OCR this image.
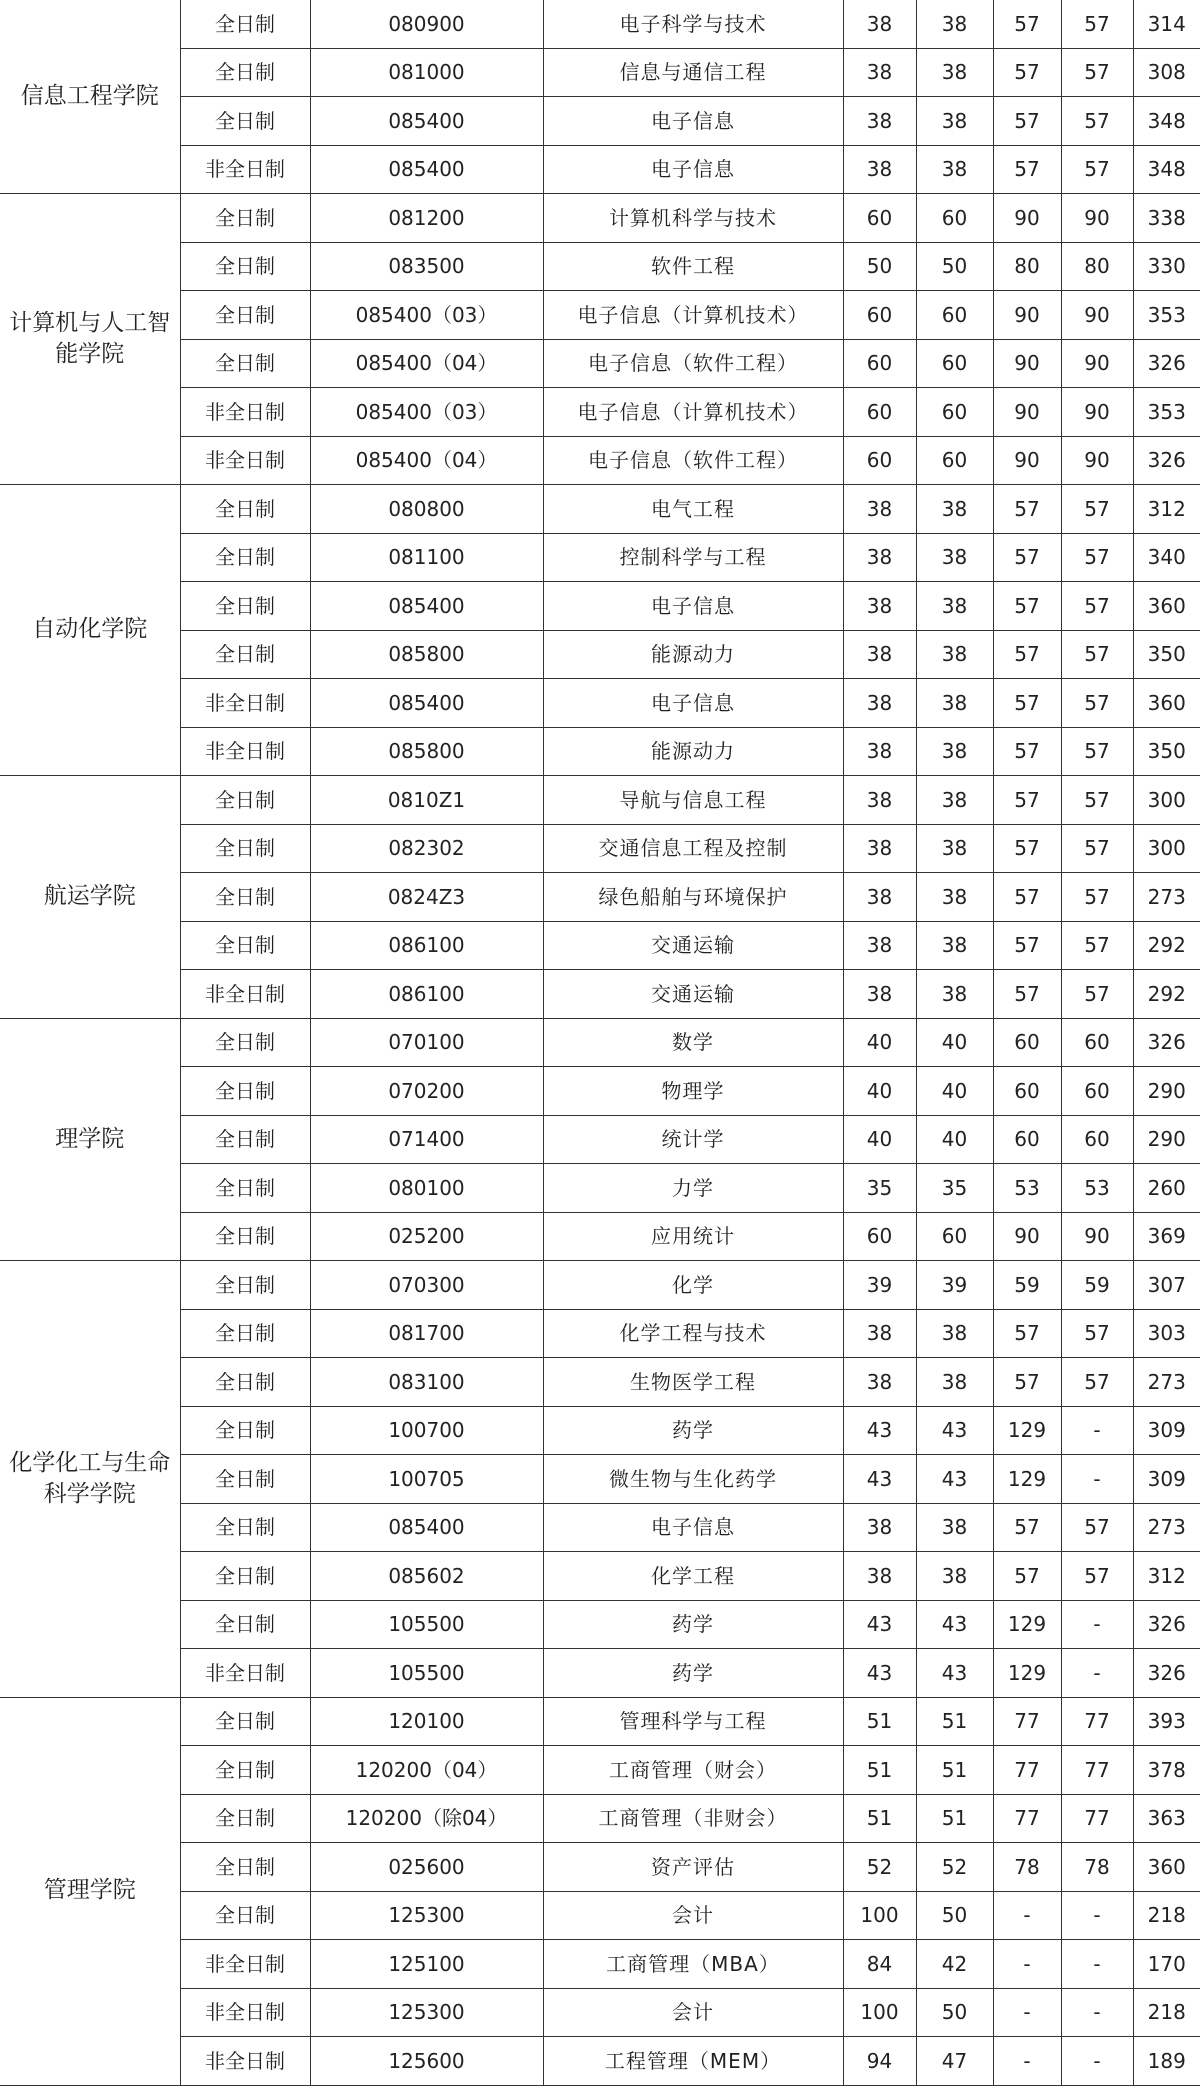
信息工程学院	全日制	080900	电子科学与技术	38	38	57	57	314
	全日制	081000	信息与通信工程	38	38	57	57	308
	全日制	085400	电子信息	38	38	57	57	348
	非全日制	085400	电子信息	38	38	57	57	348
计算机与人工智能学院	全日制	081200	计算机科学与技术	60	60	90	90	338
	全日制	083500	软件工程	50	50	80	80	330
	全日制	085400（03）	电子信息（计算机技术）	60	60	90	90	353
	全日制	085400（04）	电子信息（软件工程）	60	60	90	90	326
	非全日制	085400（03）	电子信息（计算机技术）	60	60	90	90	353
	非全日制	085400（04）	电子信息（软件工程）	60	60	90	90	326
自动化学院	全日制	080800	电气工程	38	38	57	57	312
	全日制	081100	控制科学与工程	38	38	57	57	340
	全日制	085400	电子信息	38	38	57	57	360
	全日制	085800	能源动力	38	38	57	57	350
	非全日制	085400	电子信息	38	38	57	57	360
	非全日制	085800	能源动力	38	38	57	57	350
航运学院	全日制	0810Z1	导航与信息工程	38	38	57	57	300
	全日制	082302	交通信息工程及控制	38	38	57	57	300
	全日制	0824Z3	绿色船舶与环境保护	38	38	57	57	273
	全日制	086100	交通运输	38	38	57	57	292
	非全日制	086100	交通运输	38	38	57	57	292
理学院	全日制	070100	数学	40	40	60	60	326
	全日制	070200	物理学	40	40	60	60	290
	全日制	071400	统计学	40	40	60	60	290
	全日制	080100	力学	35	35	53	53	260
	全日制	025200	应用统计	60	60	90	90	369
化学化工与生命科学学院	全日制	070300	化学	39	39	59	59	307
	全日制	081700	化学工程与技术	38	38	57	57	303
	全日制	083100	生物医学工程	38	38	57	57	273
	全日制	100700	药学	43	43	129	-	309
	全日制	100705	微生物与生化药学	43	43	129	-	309
	全日制	085400	电子信息	38	38	57	57	273
	全日制	085602	化学工程	38	38	57	57	312
	全日制	105500	药学	43	43	129	-	326
	非全日制	105500	药学	43	43	129	-	326
管理学院	全日制	120100	管理科学与工程	51	51	77	77	393
	全日制	120200（04）	工商管理（财会）	51	51	77	77	378
	全日制	120200（除04）	工商管理（非财会）	51	51	77	77	363
	全日制	025600	资产评估	52	52	78	78	360
	全日制	125300	会计	100	50	-	-	218
	非全日制	125100	工商管理（MBA）	84	42	-	-	170
	非全日制	125300	会计	100	50	-	-	218
	非全日制	125600	工程管理（MEM）	94	47	-	-	189
